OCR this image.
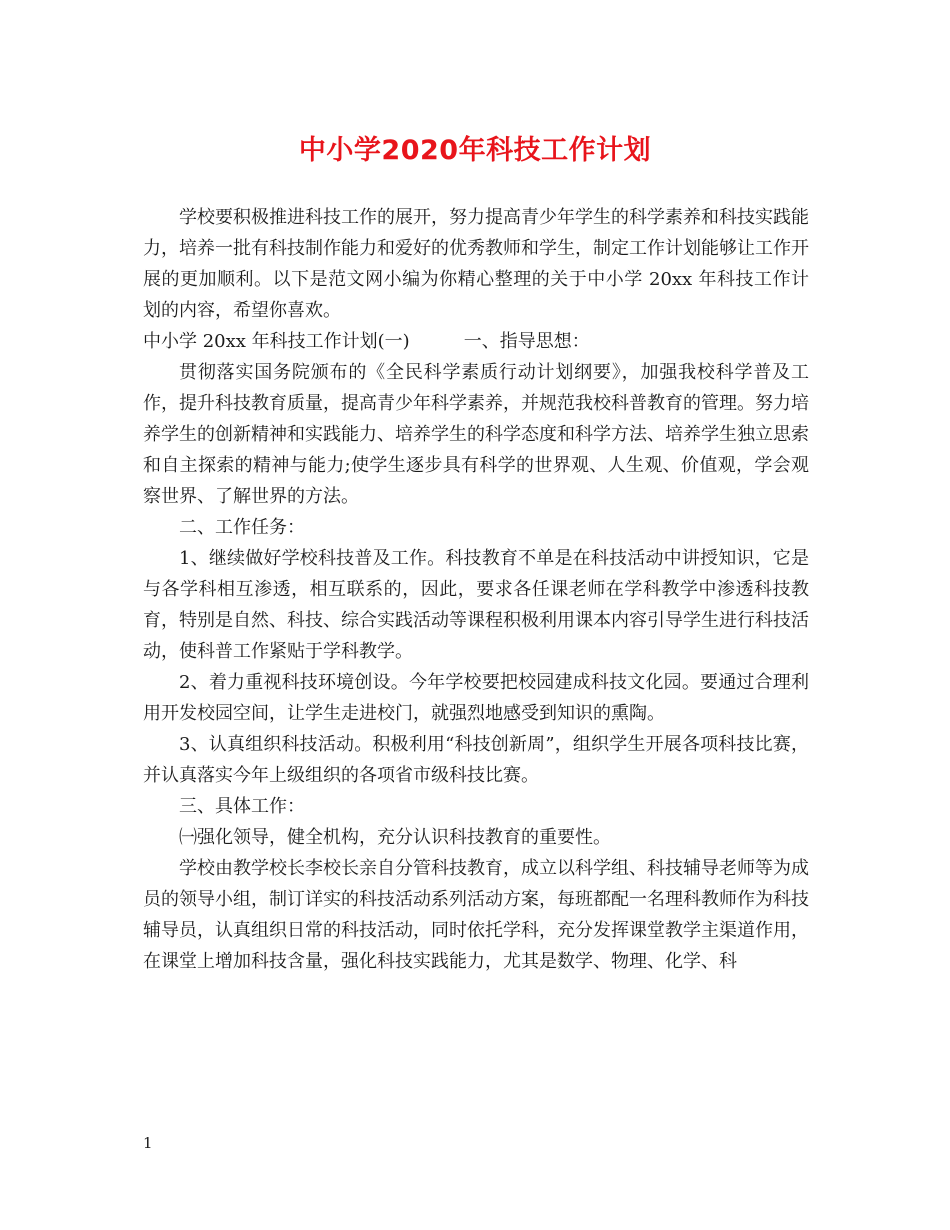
中小学2020年科技工作计划

学校要积极推进科技工作的展开，努力提高青少年学生的科学素养和科技实践能力，培养一批有科技制作能力和爱好的优秀教师和学生，制定工作计划能够让工作开展的更加顺利。以下是范文网小编为你精心整理的关于中小学 20xx 年科技工作计划的内容，希望你喜欢。

中小学 20xx 年科技工作计划(一)　　　一、指导思想：

贯彻落实国务院颁布的《全民科学素质行动计划纲要》，加强我校科学普及工作，提升科技教育质量，提高青少年科学素养，并规范我校科普教育的管理。努力培养学生的创新精神和实践能力、培养学生的科学态度和科学方法、培养学生独立思索和自主探索的精神与能力;使学生逐步具有科学的世界观、人生观、价值观，学会观察世界、了解世界的方法。

二、工作任务：

1、继续做好学校科技普及工作。科技教育不单是在科技活动中讲授知识，它是与各学科相互渗透，相互联系的，因此，要求各任课老师在学科教学中渗透科技教育，特别是自然、科技、综合实践活动等课程积极利用课本内容引导学生进行科技活动，使科普工作紧贴于学科教学。

2、着力重视科技环境创设。今年学校要把校园建成科技文化园。要通过合理利用开发校园空间，让学生走进校门，就强烈地感受到知识的熏陶。

3、认真组织科技活动。积极利用“科技创新周”，组织学生开展各项科技比赛，并认真落实今年上级组织的各项省市级科技比赛。

三、具体工作：

㈠强化领导，健全机构，充分认识科技教育的重要性。

学校由教学校长李校长亲自分管科技教育，成立以科学组、科技辅导老师等为成员的领导小组，制订详实的科技活动系列活动方案，每班都配一名理科教师作为科技辅导员，认真组织日常的科技活动，同时依托学科，充分发挥课堂教学主渠道作用，在课堂上增加科技含量，强化科技实践能力，尤其是数学、物理、化学、科

1
